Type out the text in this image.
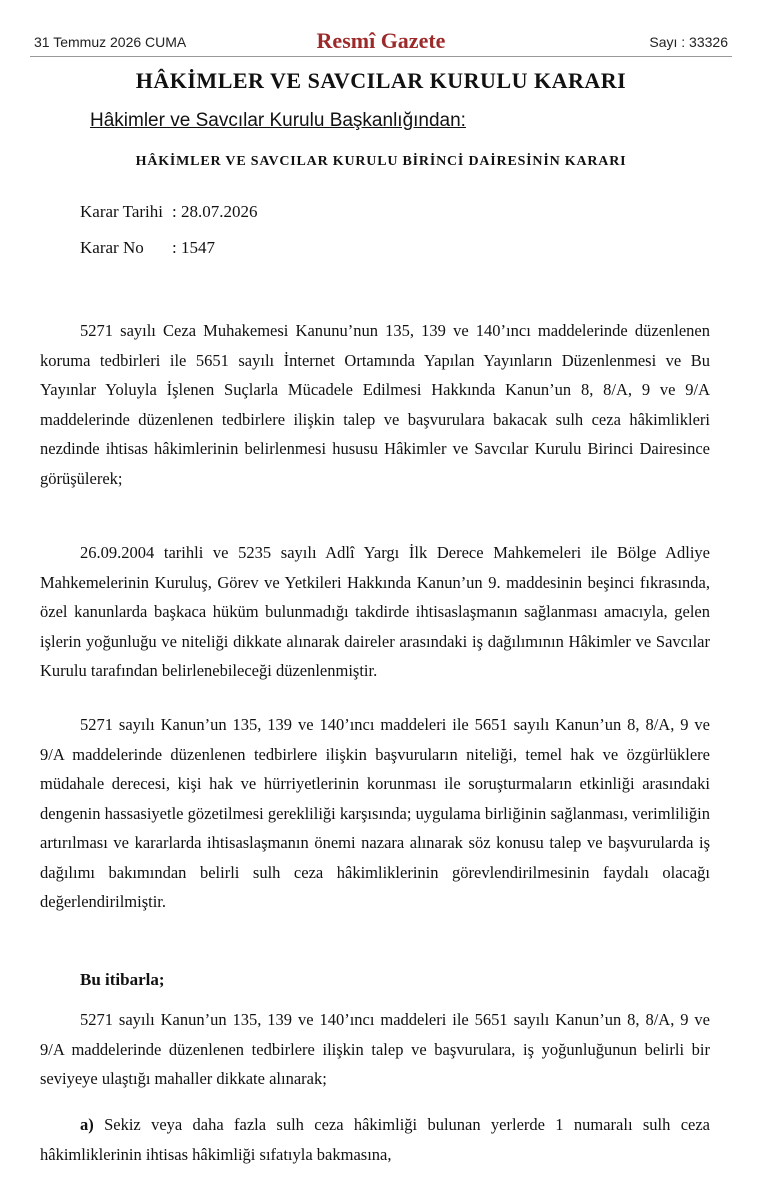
31 Temmuz 2026 CUMA	Resmî Gazete	Sayı : 33326
HÂKİMLER VE SAVCILAR KURULU KARARI
Hâkimler ve Savcılar Kurulu Başkanlığından:
HÂKİMLER VE SAVCILAR KURULU BİRİNCİ DAİRESİNİN KARARI
Karar Tarihi : 28.07.2026
Karar No : 1547
5271 sayılı Ceza Muhakemesi Kanunu’nun 135, 139 ve 140’ıncı maddelerinde düzenlenen koruma tedbirleri ile 5651 sayılı İnternet Ortamında Yapılan Yayınların Düzenlenmesi ve Bu Yayınlar Yoluyla İşlenen Suçlarla Mücadele Edilmesi Hakkında Kanun’un 8, 8/A, 9 ve 9/A maddelerinde düzenlenen tedbirlere ilişkin talep ve başvurulara bakacak sulh ceza hâkimlikleri nezdinde ihtisas hâkimlerinin belirlenmesi hususu Hâkimler ve Savcılar Kurulu Birinci Dairesince görüşülerek;
26.09.2004 tarihli ve 5235 sayılı Adlî Yargı İlk Derece Mahkemeleri ile Bölge Adliye Mahkemelerinin Kuruluş, Görev ve Yetkileri Hakkında Kanun’un 9. maddesinin beşinci fıkrasında, özel kanunlarda başkaca hüküm bulunmadığı takdirde ihtisaslaşmanın sağlanması amacıyla, gelen işlerin yoğunluğu ve niteliği dikkate alınarak daireler arasındaki iş dağılımının Hâkimler ve Savcılar Kurulu tarafından belirlenebileceği düzenlenmiştir.
5271 sayılı Kanun’un 135, 139 ve 140’ıncı maddeleri ile 5651 sayılı Kanun’un 8, 8/A, 9 ve 9/A maddelerinde düzenlenen tedbirlere ilişkin başvuruların niteliği, temel hak ve özgürlüklere müdahale derecesi, kişi hak ve hürriyetlerinin korunması ile soruşturmaların etkinliği arasındaki dengenin hassasiyetle gözetilmesi gerekliliği karşısında; uygulama birliğinin sağlanması, verimliliğin artırılması ve kararlarda ihtisaslaşmanın önemi nazara alınarak söz konusu talep ve başvurularda iş dağılımı bakımından belirli sulh ceza hâkimliklerinin görevlendirilmesinin faydalı olacağı değerlendirilmiştir.
Bu itibarla;
5271 sayılı Kanun’un 135, 139 ve 140’ıncı maddeleri ile 5651 sayılı Kanun’un 8, 8/A, 9 ve 9/A maddelerinde düzenlenen tedbirlere ilişkin talep ve başvurulara, iş yoğunluğunun belirli bir seviyeye ulaştığı mahaller dikkate alınarak;
a) Sekiz veya daha fazla sulh ceza hâkimliği bulunan yerlerde 1 numaralı sulh ceza hâkimliklerinin ihtisas hâkimliği sıfatıyla bakmasına,
